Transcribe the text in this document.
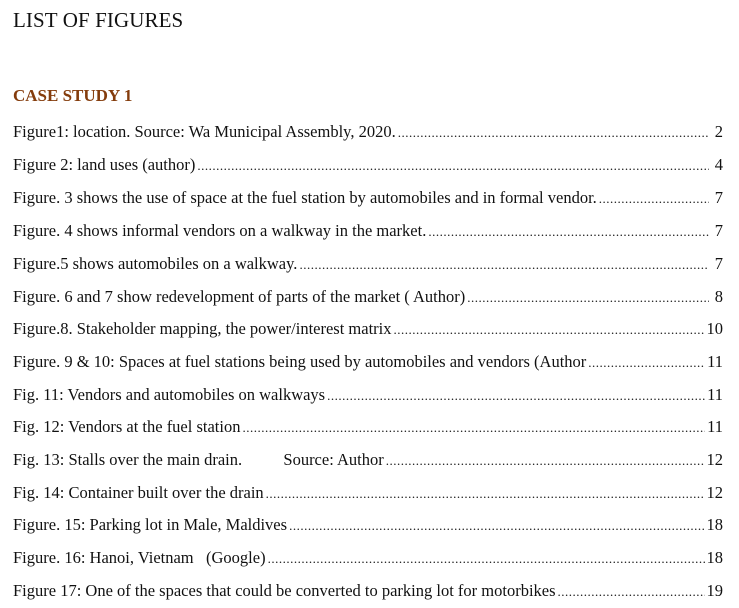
LIST OF FIGURES
CASE STUDY 1
Figure1: location. Source: Wa Municipal Assembly, 2020. .....	2
Figure 2: land uses (author) .....	4
Figure. 3 shows the use of space at the fuel station by automobiles and in formal vendor. .....	7
Figure. 4 shows informal vendors on a walkway in the market. .....	7
Figure.5 shows automobiles on a walkway. .....	7
Figure. 6 and 7 show redevelopment of parts of the market ( Author) .....	8
Figure.8. Stakeholder mapping, the power/interest matrix .....	10
Figure. 9 & 10: Spaces at fuel stations being used by automobiles and vendors (Author .....	11
Fig. 11: Vendors and automobiles on walkways .....	11
Fig. 12: Vendors at the fuel station .....	11
Fig. 13: Stalls over the main drain.          Source: Author .....	12
Fig. 14: Container built over the drain .....	12
Figure. 15: Parking lot in Male, Maldives .....	18
Figure. 16: Hanoi, Vietnam   (Google) .....	18
Figure 17: One of the spaces that could be converted to parking lot for motorbikes .....	19
